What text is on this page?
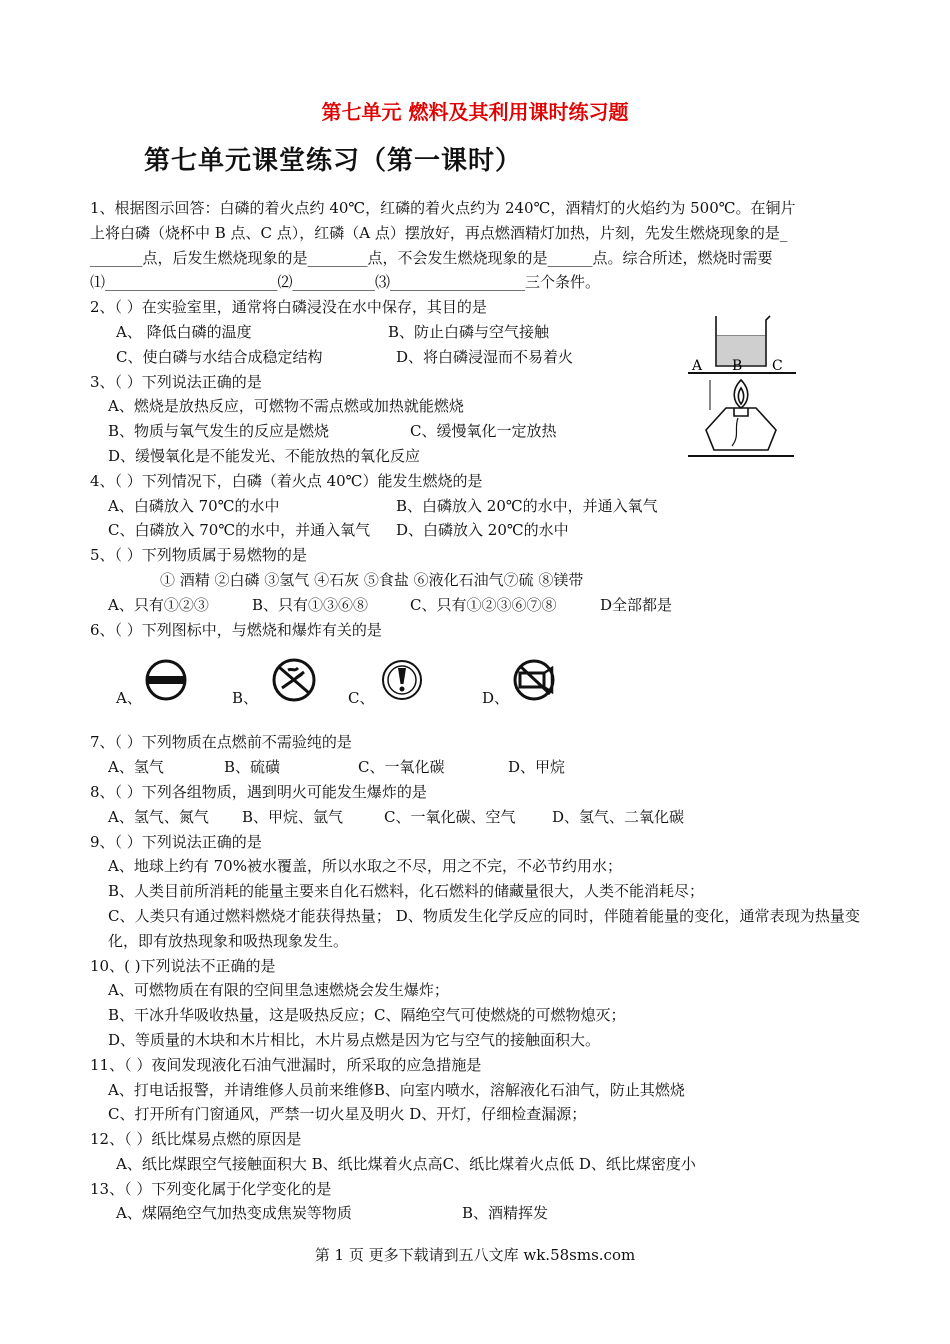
第七单元 燃料及其利用课时练习题
第七单元课堂练习（第一课时）
A B C
1、根据图示回答：白磷的着火点约 40℃，红磷的着火点约为 240℃，酒精灯的火焰约为 500℃。在铜片
上将白磷（烧杯中 B 点、C 点），红磷（A 点）摆放好，再点燃酒精灯加热，片刻，先发生燃烧现象的是_
_______点，后发生燃烧现象的是________点，不会发生燃烧现象的是______点。综合所述，燃烧时需要
⑴_______________________⑵___________⑶__________________三个条件。
2、（ ）在实验室里，通常将白磷浸没在水中保存，其目的是
A、 降低白磷的温度	B、防止白磷与空气接触
C、使白磷与水结合成稳定结构	D、将白磷浸湿而不易着火
3、（ ）下列说法正确的是
A、燃烧是放热反应，可燃物不需点燃或加热就能燃烧
B、物质与氧气发生的反应是燃烧	C、缓慢氧化一定放热
D、缓慢氧化是不能发光、不能放热的氧化反应
4、（ ）下列情况下，白磷（着火点 40℃）能发生燃烧的是
A、白磷放入 70℃的水中	B、白磷放入 20℃的水中，并通入氧气
C、白磷放入 70℃的水中，并通入氧气	D、白磷放入 20℃的水中
5、（ ）下列物质属于易燃物的是
① 酒精 ②白磷 ③氢气 ④石灰 ⑤食盐 ⑥液化石油气⑦硫 ⑧镁带
A、只有①②③	B、只有①③⑥⑧	C、只有①②③⑥⑦⑧	D全部都是
6、（ ）下列图标中，与燃烧和爆炸有关的是
A、	B、	C、	D、
7、（ ）下列物质在点燃前不需验纯的是
A、氢气	B、硫磺	C、一氧化碳	D、甲烷
8、（ ）下列各组物质，遇到明火可能发生爆炸的是
A、氢气、氮气	B、甲烷、氩气	C、一氧化碳、空气	D、氢气、二氧化碳
9、（ ）下列说法正确的是
A、地球上约有 70%被水覆盖，所以水取之不尽，用之不完，不必节约用水；
B、人类目前所消耗的能量主要来自化石燃料，化石燃料的储藏量很大，人类不能消耗尽；
C、人类只有通过燃料燃烧才能获得热量； D、物质发生化学反应的同时，伴随着能量的变化，通常表现为热量变化，即有放热现象和吸热现象发生。
10、( )下列说法不正确的是
A、可燃物质在有限的空间里急速燃烧会发生爆炸；
B、干冰升华吸收热量，这是吸热反应；C、隔绝空气可使燃烧的可燃物熄灭；
D、等质量的木块和木片相比，木片易点燃是因为它与空气的接触面积大。
11、（ ）夜间发现液化石油气泄漏时，所采取的应急措施是
A、打电话报警，并请维修人员前来维修B、向室内喷水，溶解液化石油气，防止其燃烧
C、打开所有门窗通风，严禁一切火星及明火 D、开灯，仔细检查漏源；
12、（ ）纸比煤易点燃的原因是
A、纸比煤跟空气接触面积大 B、纸比煤着火点高C、纸比煤着火点低 D、纸比煤密度小
13、（ ）下列变化属于化学变化的是
A、煤隔绝空气加热变成焦炭等物质	B、酒精挥发
第 1 页 更多下载请到五八文库 wk.58sms.com
